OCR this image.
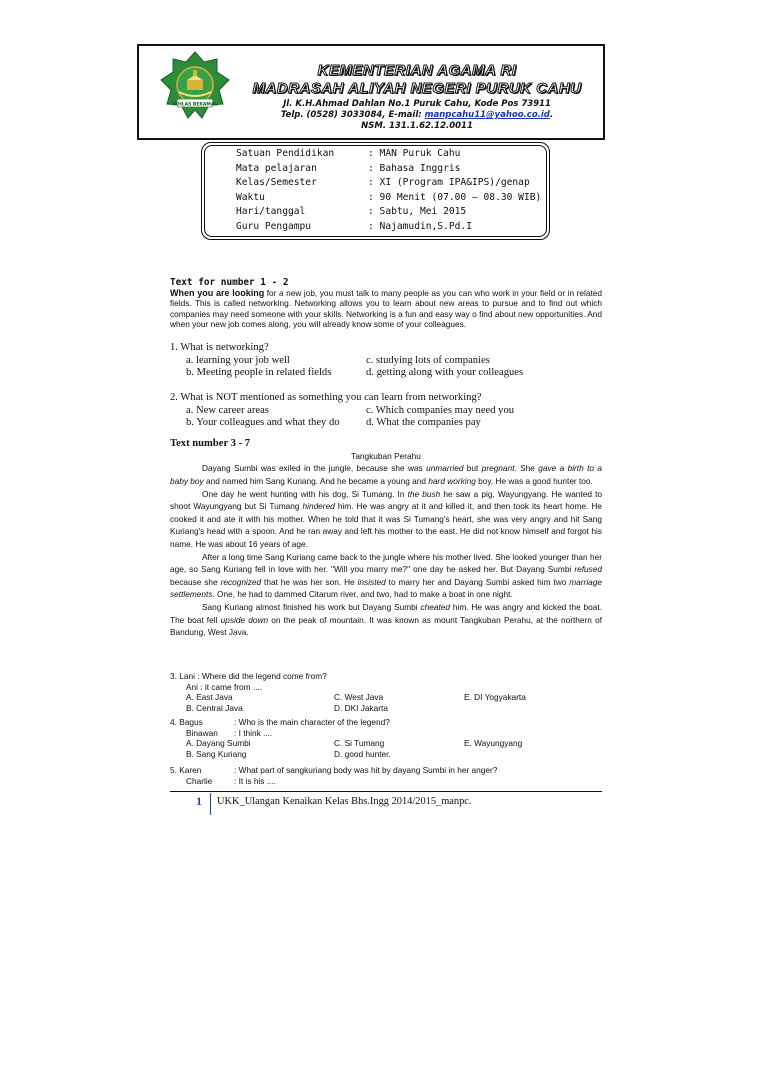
IKHLAS BERAMAL
KEMENTERIAN AGAMA RI
MADRASAH ALIYAH NEGERI PURUK CAHU
Jl. K.H.Ahmad Dahlan No.1 Puruk Cahu, Kode Pos 73911
Telp. (0528) 3033084, E-mail: manpcahu11@yahoo.co.id.
NSM. 131.1.62.12.0011
Satuan Pendidikan	: MAN Puruk Cahu
Mata pelajaran	: Bahasa Inggris
Kelas/Semester	: XI (Program IPA&IPS)/genap
Waktu	: 90 Menit (07.00 – 08.30 WIB)
Hari/tanggal	: Sabtu, Mei 2015
Guru Pengampu	: Najamudin,S.Pd.I
Text for number 1 - 2

When you are looking for a new job, you must talk to many people as you can who work in your field or in related fields. This is called networking. Networking allows you to learn about new areas to pursue and to find out which companies may need someone with your skills. Networking is a fun and easy way o find about new opportunities. And when your new job comes along, you will already know some of your colleagues.

1. What is networking?
a. learning your job well	c. studying lots of companies
b. Meeting people in related fields	d. getting along with your colleagues
2. What is NOT mentioned as something you can learn from networking?
a. New career areas	c. Which companies may need you
b. Your colleagues and what they do	d. What the companies pay
Text number 3 - 7
Tangkuban Perahu

Dayang Sumbi was exiled in the jungle, because she was unmarried but pregnant. She gave a birth to a baby boy and named him Sang Kuriang. And he became a young and hard working boy. He was a good hunter too.

One day he went hunting with his dog, Si Tumang. In the bush he saw a pig, Wayungyang. He wanted to shoot Wayungyang but Si Tumang hindered him. He was angry at it and killed it, and then took its heart home. He cooked it and ate it with his mother. When he told that it was Si Tumang's heart, she was very angry and hit Sang Kuriang's head with a spoon. And he ran away and left his mother to the east. He did not know himself and forgot his name. He was about 16 years of age.

After a long time Sang Kuriang came back to the jungle where his mother lived. She looked younger than her age, so Sang Kuriang fell in love with her. "Will you marry me?" one day he asked her. But Dayang Sumbi refused because she recognized that he was her son. He insisted to marry her and Dayang Sumbi asked him two marriage settlements. One, he had to dammed Citarum river, and two, had to make a boat in one night.

Sang Kuriang almost finished his work but Dayang Sumbi cheated him. He was angry and kicked the boat. The boat fell upside down on the peak of mountain. It was known as mount Tangkuban Perahu, at the northern of Bandung, West Java.

3. Lani : Where did the legend come from?
Ani : it came from ....
A. East Java	C. West Java	E. DI Yogyakarta
B. Central Java	D. DKI Jakarta
4. Bagus	: Who is the main character of the legend?
Binawan	: I think ....
A. Dayang Sumbi	C. Si Tumang	E. Wayungyang
B. Sang Kuriang	D. good hunter.
5. Karen	: What part of sangkuriang body was hit by dayang Sumbi in her anger?
Charlie	: It is his ....
1 UKK_Ulangan Kenaikan Kelas Bhs.Ingg 2014/2015_manpc.
